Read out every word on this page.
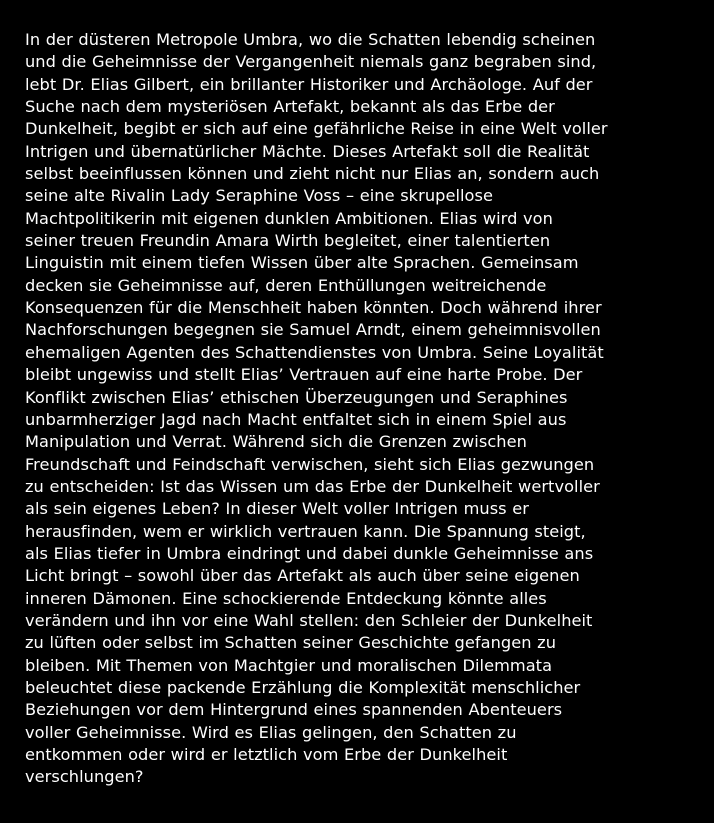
In der düsteren Metropole Umbra, wo die Schatten lebendig scheinen
und die Geheimnisse der Vergangenheit niemals ganz begraben sind,
lebt Dr. Elias Gilbert, ein brillanter Historiker und Archäologe. Auf der
Suche nach dem mysteriösen Artefakt, bekannt als das Erbe der
Dunkelheit, begibt er sich auf eine gefährliche Reise in eine Welt voller
Intrigen und übernatürlicher Mächte. Dieses Artefakt soll die Realität
selbst beeinflussen können und zieht nicht nur Elias an, sondern auch
seine alte Rivalin Lady Seraphine Voss – eine skrupellose
Machtpolitikerin mit eigenen dunklen Ambitionen. Elias wird von
seiner treuen Freundin Amara Wirth begleitet, einer talentierten
Linguistin mit einem tiefen Wissen über alte Sprachen. Gemeinsam
decken sie Geheimnisse auf, deren Enthüllungen weitreichende
Konsequenzen für die Menschheit haben könnten. Doch während ihrer
Nachforschungen begegnen sie Samuel Arndt, einem geheimnisvollen
ehemaligen Agenten des Schattendienstes von Umbra. Seine Loyalität
bleibt ungewiss und stellt Elias’ Vertrauen auf eine harte Probe. Der
Konflikt zwischen Elias’ ethischen Überzeugungen und Seraphines
unbarmherziger Jagd nach Macht entfaltet sich in einem Spiel aus
Manipulation und Verrat. Während sich die Grenzen zwischen
Freundschaft und Feindschaft verwischen, sieht sich Elias gezwungen
zu entscheiden: Ist das Wissen um das Erbe der Dunkelheit wertvoller
als sein eigenes Leben? In dieser Welt voller Intrigen muss er
herausfinden, wem er wirklich vertrauen kann. Die Spannung steigt,
als Elias tiefer in Umbra eindringt und dabei dunkle Geheimnisse ans
Licht bringt – sowohl über das Artefakt als auch über seine eigenen
inneren Dämonen. Eine schockierende Entdeckung könnte alles
verändern und ihn vor eine Wahl stellen: den Schleier der Dunkelheit
zu lüften oder selbst im Schatten seiner Geschichte gefangen zu
bleiben. Mit Themen von Machtgier und moralischen Dilemmata
beleuchtet diese packende Erzählung die Komplexität menschlicher
Beziehungen vor dem Hintergrund eines spannenden Abenteuers
voller Geheimnisse. Wird es Elias gelingen, den Schatten zu
entkommen oder wird er letztlich vom Erbe der Dunkelheit
verschlungen?
